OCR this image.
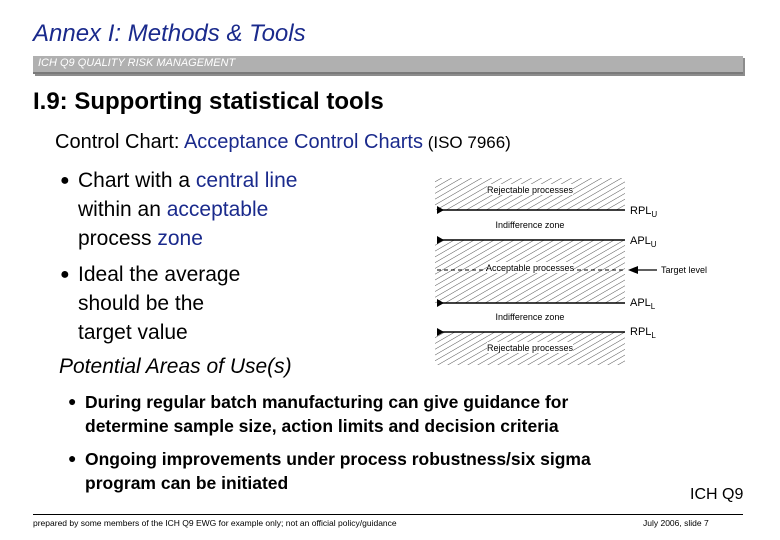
Annex I: Methods & Tools
ICH Q9 QUALITY RISK MANAGEMENT
I.9: Supporting statistical tools
Control Chart: Acceptance Control Charts (ISO 7966)
● Chart with a central line
within an acceptable
process zone
● Ideal the average
should be the
target value
Potential Areas of Use(s)
● During regular batch manufacturing can give guidance for
determine sample size, action limits and decision criteria
● Ongoing improvements under process robustness/six sigma
program can be initiated
Rejectable processes
Indifference zone
Acceptable processes
Indifference zone
Rejectable processes
$RPL_U$
$APL_U$
$APL_L$
$RPL_L$
Target level
ICH Q9
prepared by some members of the ICH Q9 EWG for example only; not an official policy/guidance	July 2006, slide 7
